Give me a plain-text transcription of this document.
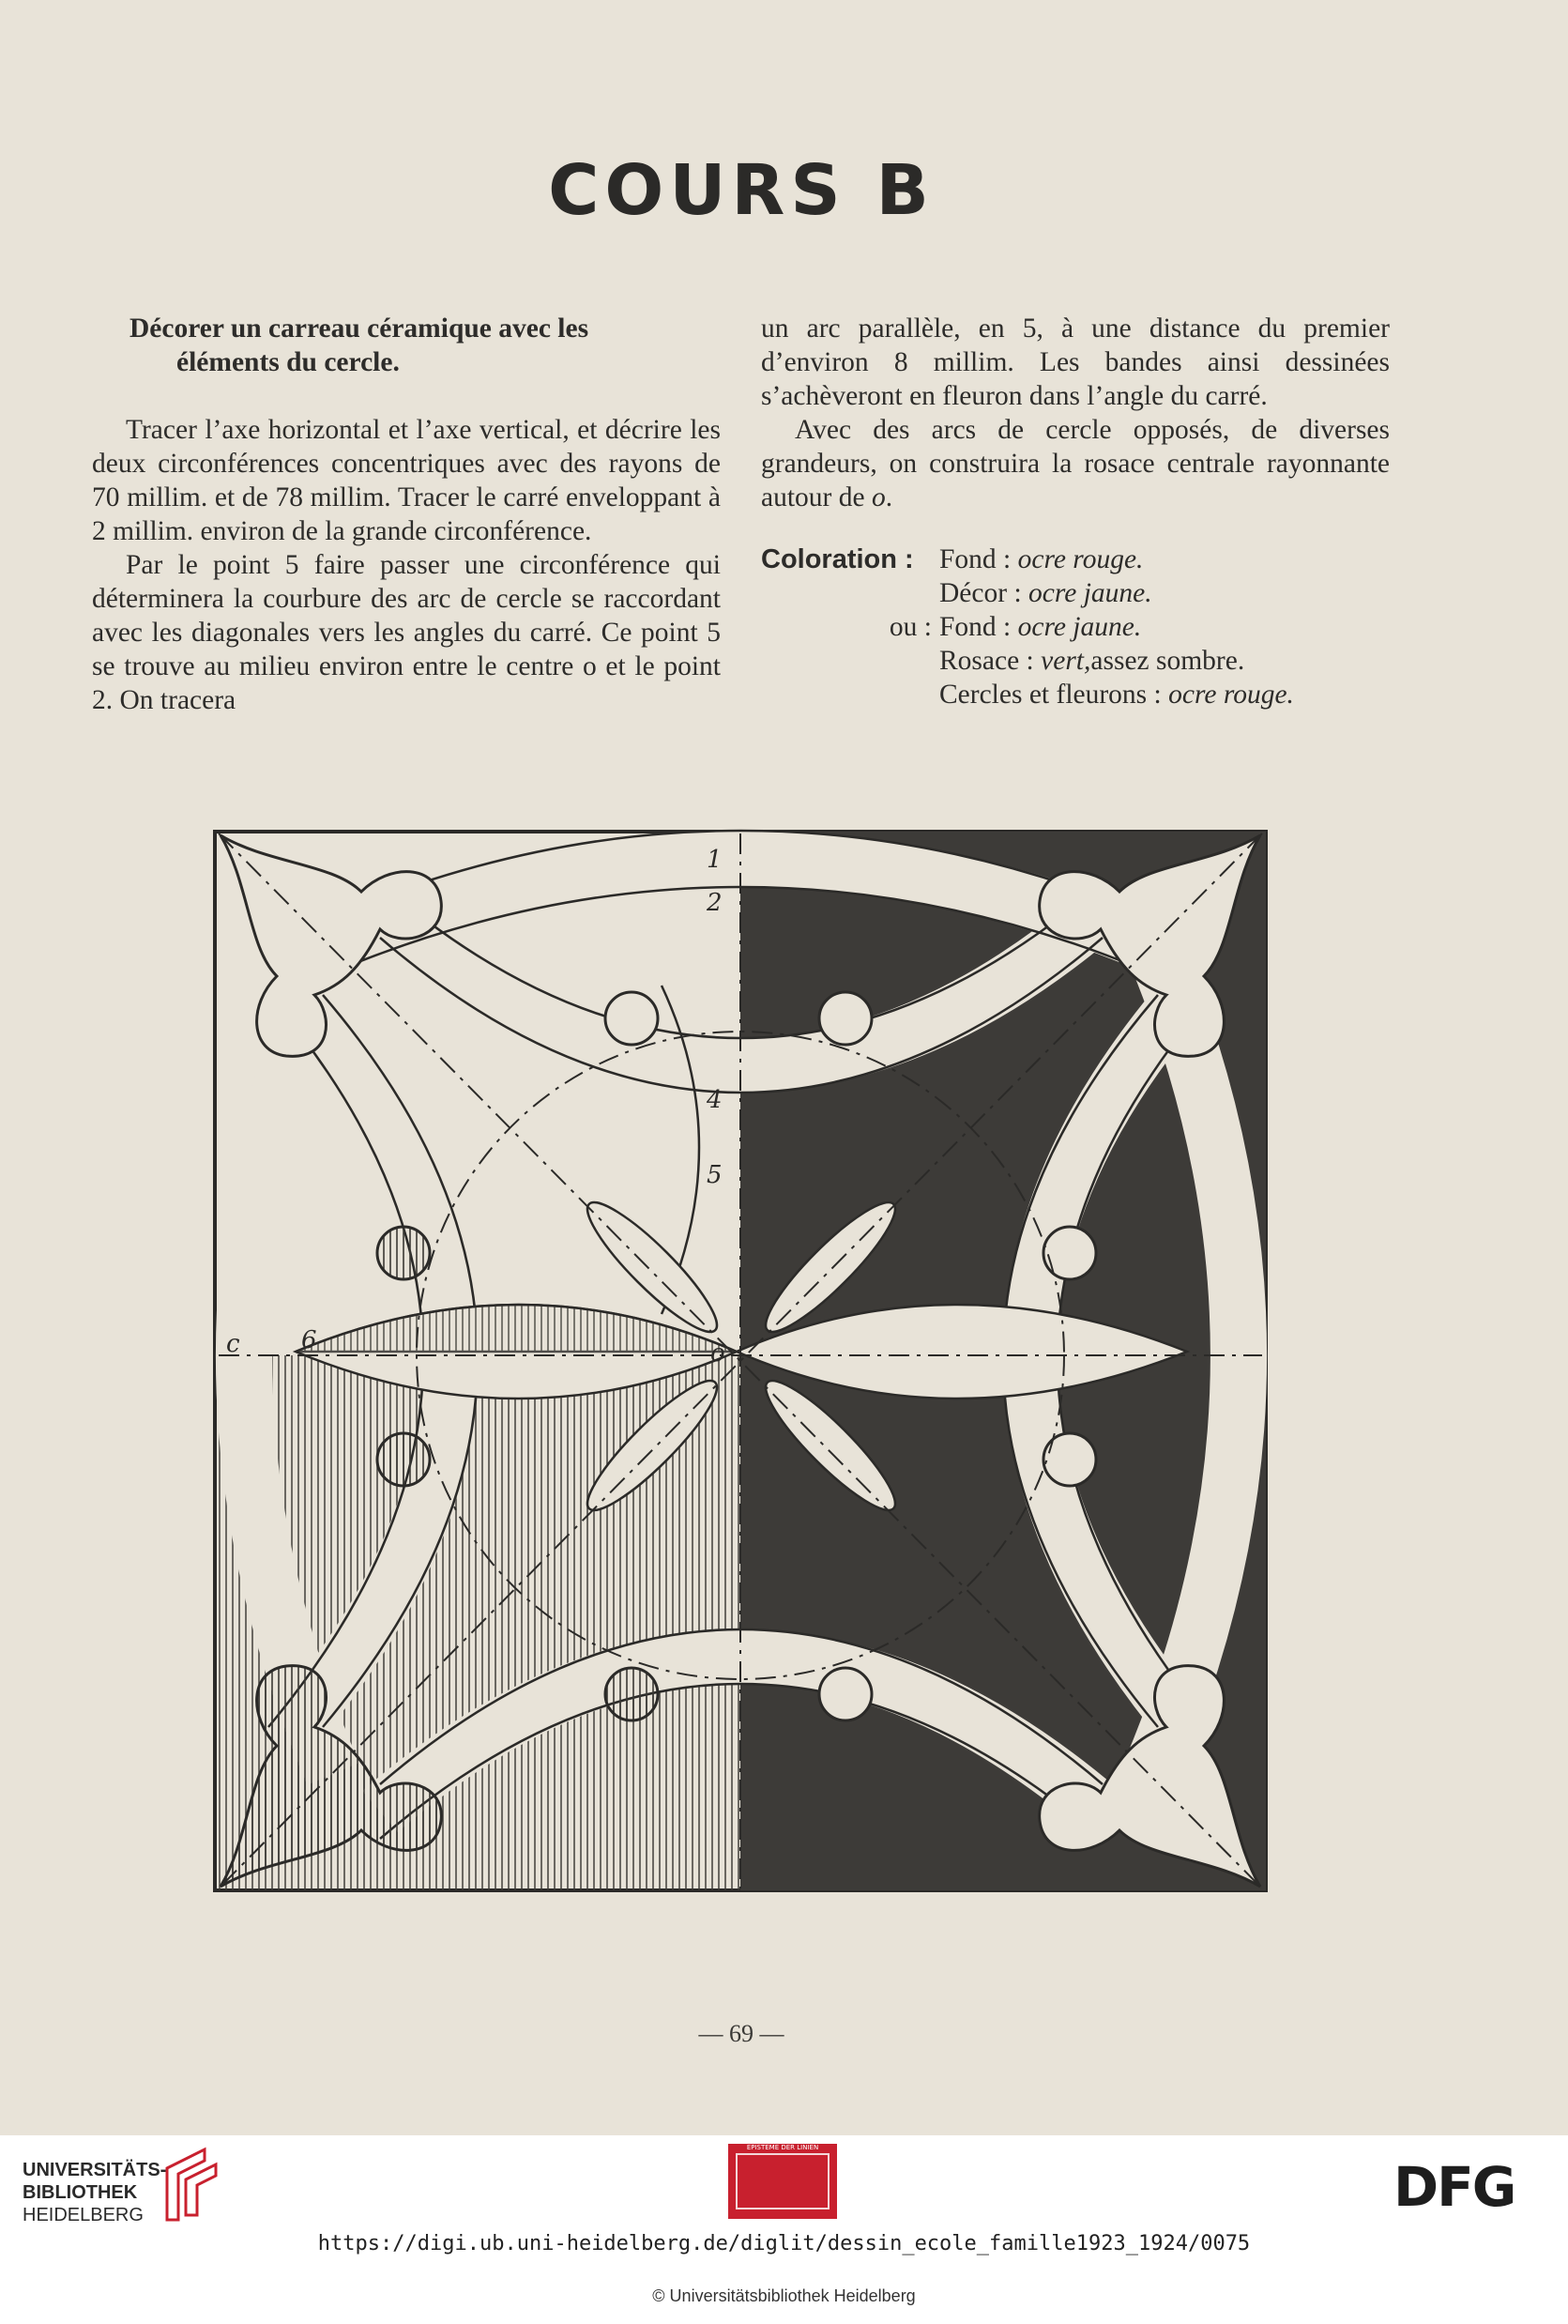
COURS B
Décorer un carreau céramique avec les
éléments du cercle.

Tracer l’axe horizontal et l’axe vertical, et décrire les deux circonférences concentriques avec des rayons de 70 millim. et de 78 millim. Tracer le carré enveloppant à 2 millim. environ de la grande circonférence.

Par le point 5 faire passer une circonférence qui déterminera la courbure des arc de cercle se raccordant avec les diagonales vers les angles du carré. Ce point 5 se trouve au milieu environ entre le centre o et le point 2. On tracera

un arc parallèle, en 5, à une distance du premier d’environ 8 millim. Les bandes ainsi dessinées s’achèveront en fleuron dans l’angle du carré.

Avec des arcs de cercle opposés, de diverses grandeurs, on construira la rosace centrale rayonnante autour de o.

Coloration : Fond :
ocre rouge.
Décor :
ocre jaune.
ou : Fond :
ocre jaune.
Rosace :
vert, assez sombre.
Cercles et fleurons :
ocre rouge.
1
2
4
5
o
6
c
— 69 —
UNIVERSITÄTS-
BIBLIOTHEK
HEIDELBERG
EPISTEME DER LINIEN
DFG
https://digi.ub.uni-heidelberg.de/diglit/dessin_ecole_famille1923_1924/0075
© Universitätsbibliothek Heidelberg
